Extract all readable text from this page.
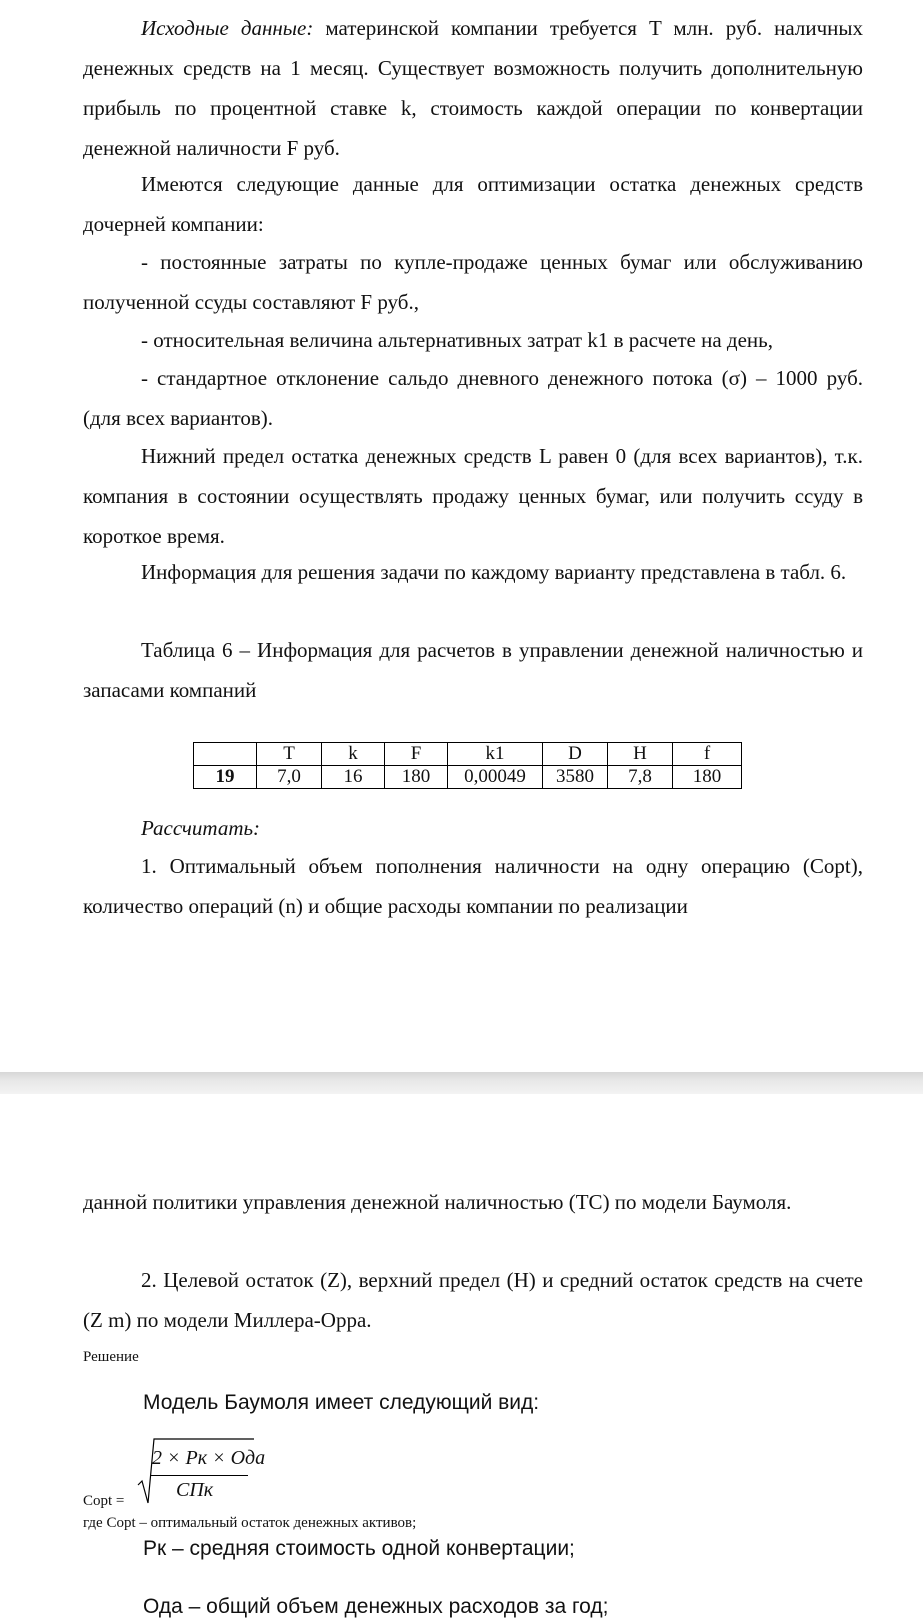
Исходные данные: материнской компании требуется T млн. руб. наличных денежных средств на 1 месяц. Существует возможность получить дополнительную прибыль по процентной ставке k, стоимость каждой операции по конвертации денежной наличности F руб.

Имеются следующие данные для оптимизации остатка денежных средств дочерней компании:

- постоянные затраты по купле-продаже ценных бумаг или обслуживанию полученной ссуды составляют F руб.,

- относительная величина альтернативных затрат k1 в расчете на день,

- стандартное отклонение сальдо дневного денежного потока (σ) – 1000 руб. (для всех вариантов).

Нижний предел остатка денежных средств L равен 0 (для всех вариантов), т.к. компания в состоянии осуществлять продажу ценных бумаг, или получить ссуду в короткое время.

Информация для решения задачи по каждому варианту представлена в табл. 6.

Таблица 6 – Информация для расчетов в управлении денежной наличностью и запасами компаний

	T	k	F	k1	D	H	f
19	7,0	16	180	0,00049	3580	7,8	180

Рассчитать:

1. Оптимальный объем пополнения наличности на одну операцию (Copt), количество операций (n) и общие расходы компании по реализации

данной политики управления денежной наличностью (ТС) по модели Баумоля.

2. Целевой остаток (Z), верхний предел (H) и средний остаток средств на счете (Z m) по модели Миллера-Орра.

Решение
Модель Баумоля имеет следующий вид:
2 × Pк × Oда
СПк
Copt =
где Copt – оптимальный остаток денежных активов;
Рк – средняя стоимость одной конвертации;
Ода – общий объем денежных расходов за год;
